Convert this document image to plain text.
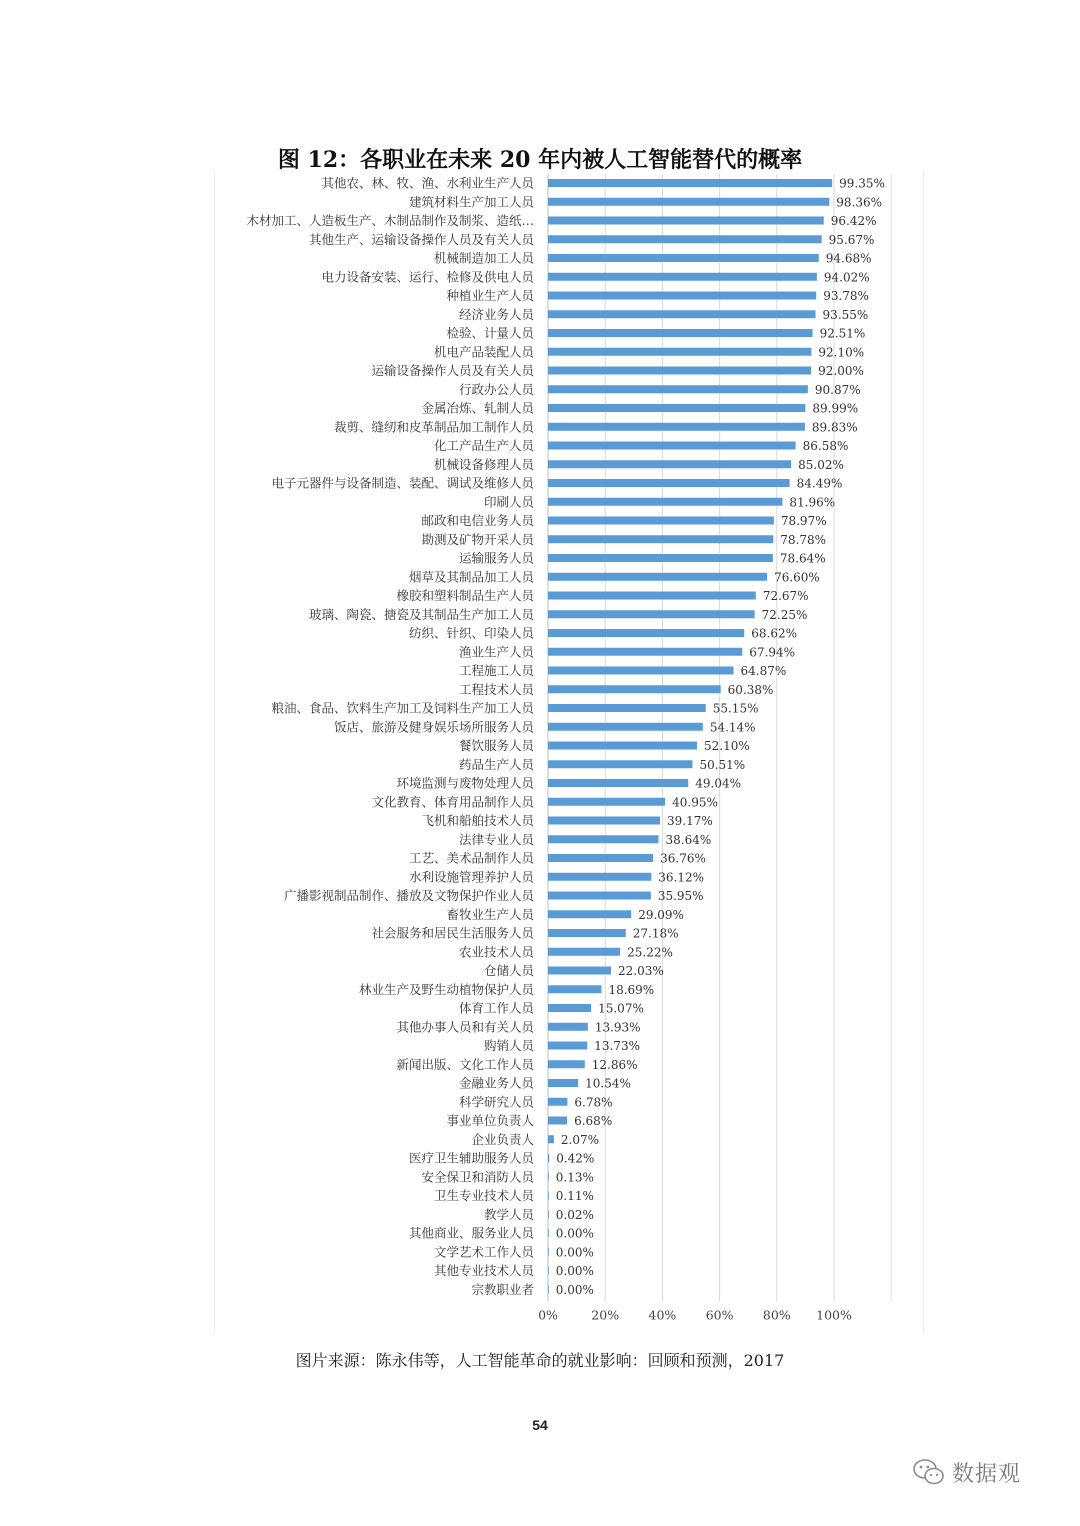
图 12：各职业在未来 20 年内被人工智能替代的概率
其他农、林、牧、渔、水利业生产人员	99.35%
建筑材料生产加工人员	98.36%
木材加工、人造板生产、木制品制作及制浆、造纸…	96.42%
其他生产、运输设备操作人员及有关人员	95.67%
机械制造加工人员	94.68%
电力设备安装、运行、检修及供电人员	94.02%
种植业生产人员	93.78%
经济业务人员	93.55%
检验、计量人员	92.51%
机电产品装配人员	92.10%
运输设备操作人员及有关人员	92.00%
行政办公人员	90.87%
金属冶炼、轧制人员	89.99%
裁剪、缝纫和皮革制品加工制作人员	89.83%
化工产品生产人员	86.58%
机械设备修理人员	85.02%
电子元器件与设备制造、装配、调试及维修人员	84.49%
印刷人员	81.96%
邮政和电信业务人员	78.97%
勘测及矿物开采人员	78.78%
运输服务人员	78.64%
烟草及其制品加工人员	76.60%
橡胶和塑料制品生产人员	72.67%
玻璃、陶瓷、搪瓷及其制品生产加工人员	72.25%
纺织、针织、印染人员	68.62%
渔业生产人员	67.94%
工程施工人员	64.87%
工程技术人员	60.38%
粮油、食品、饮料生产加工及饲料生产加工人员	55.15%
饭店、旅游及健身娱乐场所服务人员	54.14%
餐饮服务人员	52.10%
药品生产人员	50.51%
环境监测与废物处理人员	49.04%
文化教育、体育用品制作人员	40.95%
飞机和船舶技术人员	39.17%
法律专业人员	38.64%
工艺、美术品制作人员	36.76%
水利设施管理养护人员	36.12%
广播影视制品制作、播放及文物保护作业人员	35.95%
畜牧业生产人员	29.09%
社会服务和居民生活服务人员	27.18%
农业技术人员	25.22%
仓储人员	22.03%
林业生产及野生动植物保护人员	18.69%
体育工作人员	15.07%
其他办事人员和有关人员	13.93%
购销人员	13.73%
新闻出版、文化工作人员	12.86%
金融业务人员	10.54%
科学研究人员	6.78%
事业单位负责人	6.68%
企业负责人 2.07%
医疗卫生辅助服务人员 0.42%
安全保卫和消防人员 0.13%
卫生专业技术人员 0.11%
教学人员 0.02%
其他商业、服务业人员 0.00%
文学艺术工作人员 0.00%
其他专业技术人员 0.00%
宗教职业者 0.00%
0%	20% 40% 60% 80% 100%

图片来源：陈永伟等，人工智能革命的就业影响：回顾和预测，2017

54
数据观
